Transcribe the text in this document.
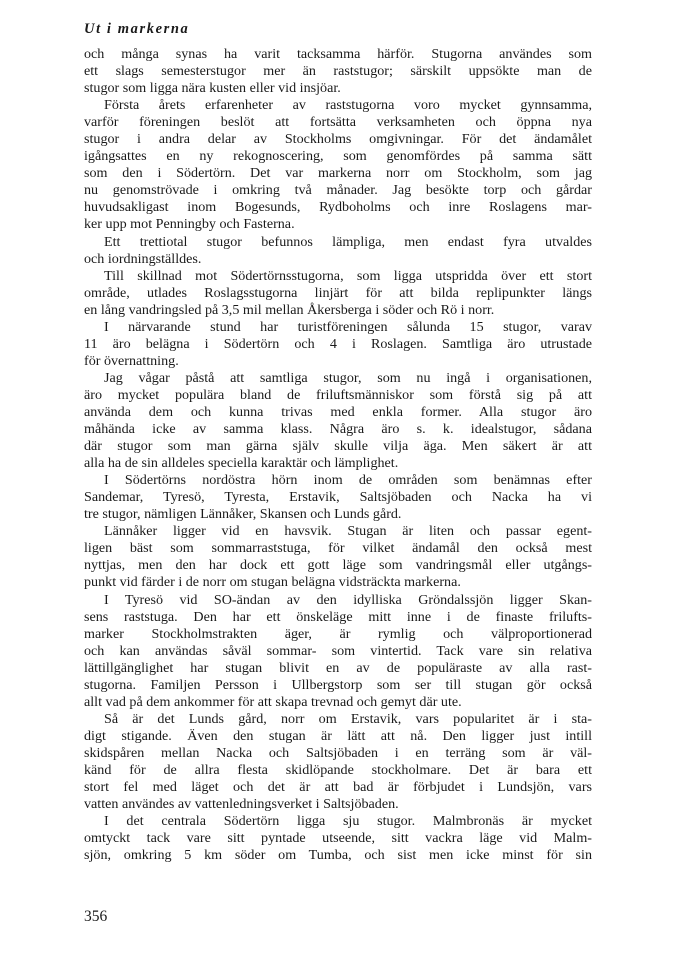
Ut i markerna
och många synas ha varit tacksamma härför. Stugorna användes som
ett slags semesterstugor mer än raststugor; särskilt uppsökte man de
stugor som ligga nära kusten eller vid insjöar.
Första årets erfarenheter av raststugorna voro mycket gynnsamma,
varför föreningen beslöt att fortsätta verksamheten och öppna nya
stugor i andra delar av Stockholms omgivningar. För det ändamålet
igångsattes en ny rekognoscering, som genomfördes på samma sätt
som den i Södertörn. Det var markerna norr om Stockholm, som jag
nu genomströvade i omkring två månader. Jag besökte torp och gårdar
huvudsakligast inom Bogesunds, Rydboholms och inre Roslagens mar-
ker upp mot Penningby och Fasterna.
Ett trettiotal stugor befunnos lämpliga, men endast fyra utvaldes
och iordningställdes.
Till skillnad mot Södertörnsstugorna, som ligga utspridda över ett stort
område, utlades Roslagsstugorna linjärt för att bilda replipunkter längs
en lång vandringsled på 3,5 mil mellan Åkersberga i söder och Rö i norr.
I närvarande stund har turistföreningen sålunda 15 stugor, varav
11 äro belägna i Södertörn och 4 i Roslagen. Samtliga äro utrustade
för övernattning.
Jag vågar påstå att samtliga stugor, som nu ingå i organisationen,
äro mycket populära bland de friluftsmänniskor som förstå sig på att
använda dem och kunna trivas med enkla former. Alla stugor äro
måhända icke av samma klass. Några äro s. k. idealstugor, sådana
där stugor som man gärna själv skulle vilja äga. Men säkert är att
alla ha de sin alldeles speciella karaktär och lämplighet.
I Södertörns nordöstra hörn inom de områden som benämnas efter
Sandemar, Tyresö, Tyresta, Erstavik, Saltsjöbaden och Nacka ha vi
tre stugor, nämligen Lännåker, Skansen och Lunds gård.
Lännåker ligger vid en havsvik. Stugan är liten och passar egent-
ligen bäst som sommarraststuga, för vilket ändamål den också mest
nyttjas, men den har dock ett gott läge som vandringsmål eller utgångs-
punkt vid färder i de norr om stugan belägna vidsträckta markerna.
I Tyresö vid SO-ändan av den idylliska Gröndalssjön ligger Skan-
sens raststuga. Den har ett önskeläge mitt inne i de finaste frilufts-
marker Stockholmstrakten äger, är rymlig och välproportionerad
och kan användas såväl sommar- som vintertid. Tack vare sin relativa
lättillgänglighet har stugan blivit en av de populäraste av alla rast-
stugorna. Familjen Persson i Ullbergstorp som ser till stugan gör också
allt vad på dem ankommer för att skapa trevnad och gemyt där ute.
Så är det Lunds gård, norr om Erstavik, vars popularitet är i sta-
digt stigande. Även den stugan är lätt att nå. Den ligger just intill
skidspåren mellan Nacka och Saltsjöbaden i en terräng som är väl-
känd för de allra flesta skidlöpande stockholmare. Det är bara ett
stort fel med läget och det är att bad är förbjudet i Lundsjön, vars
vatten användes av vattenledningsverket i Saltsjöbaden.
I det centrala Södertörn ligga sju stugor. Malmbronäs är mycket
omtyckt tack vare sitt pyntade utseende, sitt vackra läge vid Malm-
sjön, omkring 5 km söder om Tumba, och sist men icke minst för sin
356
